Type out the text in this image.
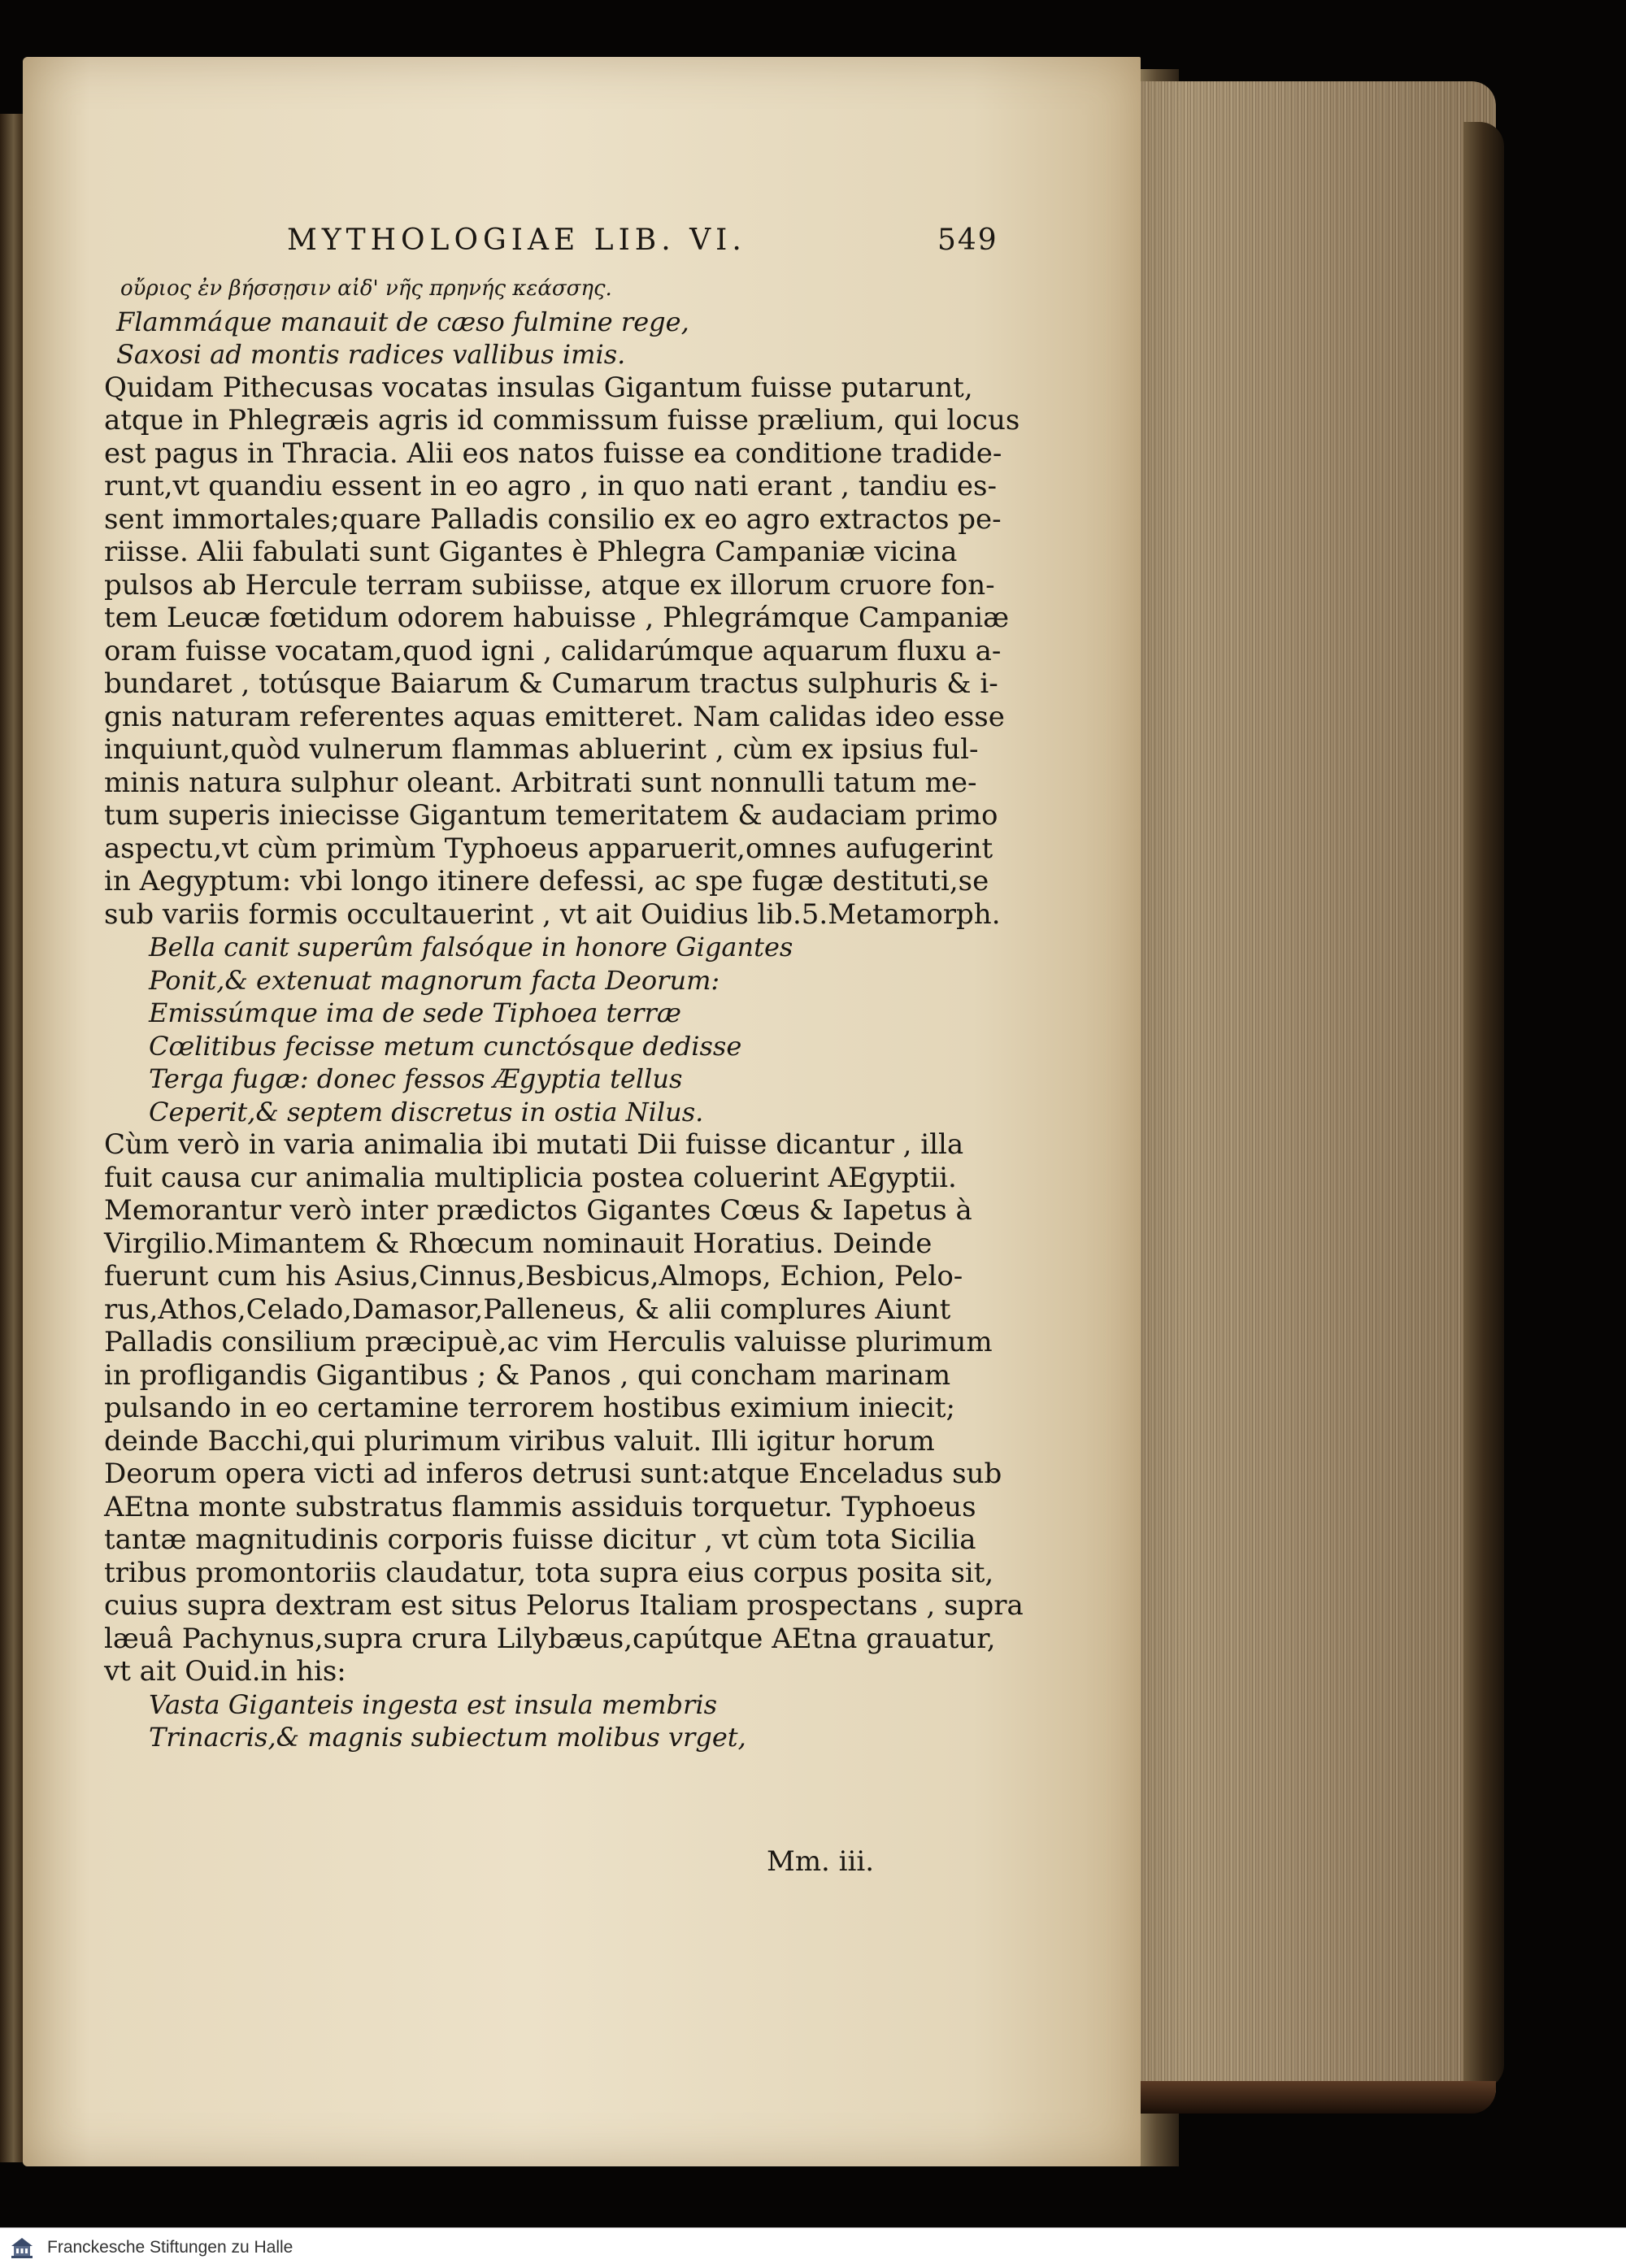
MYTHOLOGIAE LIB. VI.	549
οὔριος ἐν βήσσῃσιν αἰδ' νῆς πρηνής κεάσσης.
Flammáque manauit de cæso fulmine rege,
Saxosi ad montis radices vallibus imis.
Quidam Pithecusas vocatas insulas Gigantum fuisse putarunt,
atque in Phlegræis agris id commissum fuisse prælium, qui locus
est pagus in Thracia. Alii eos natos fuisse ea conditione tradide-
runt,vt quandiu essent in eo agro , in quo nati erant , tandiu es-
sent immortales;quare Palladis consilio ex eo agro extractos pe-
riisse. Alii fabulati sunt Gigantes è Phlegra Campaniæ vicina
pulsos ab Hercule terram subiisse, atque ex illorum cruore fon-
tem Leucæ fœtidum odorem habuisse , Phlegrámque Campaniæ
oram fuisse vocatam,quod igni , calidarúmque aquarum fluxu a-
bundaret , totúsque Baiarum & Cumarum tractus sulphuris & i-
gnis naturam referentes aquas emitteret. Nam calidas ideo esse
inquiunt,quòd vulnerum flammas abluerint , cùm ex ipsius ful-
minis natura sulphur oleant. Arbitrati sunt nonnulli tatum me-
tum superis iniecisse Gigantum temeritatem & audaciam primo
aspectu,vt cùm primùm Typhoeus apparuerit,omnes aufugerint
in Aegyptum: vbi longo itinere defessi, ac spe fugæ destituti,se
sub variis formis occultauerint , vt ait Ouidius lib.5.Metamorph.
Bella canit superûm falsóque in honore Gigantes
Ponit,& extenuat magnorum facta Deorum:
Emissúmque ima de sede Tiphoea terræ
Cœlitibus fecisse metum cunctósque dedisse
Terga fugæ: donec fessos Ægyptia tellus
Ceperit,& septem discretus in ostia Nilus.
Cùm verò in varia animalia ibi mutati Dii fuisse dicantur , illa
fuit causa cur animalia multiplicia postea coluerint AEgyptii.
Memorantur verò inter prædictos Gigantes Cœus & Iapetus à
Virgilio.Mimantem & Rhœcum nominauit Horatius. Deinde
fuerunt cum his Asius,Cinnus,Besbicus,Almops, Echion, Pelo-
rus,Athos,Celado,Damasor,Palleneus, & alii complures Aiunt
Palladis consilium præcipuè,ac vim Herculis valuisse plurimum
in profligandis Gigantibus ; & Panos , qui concham marinam
pulsando in eo certamine terrorem hostibus eximium iniecit;
deinde Bacchi,qui plurimum viribus valuit. Illi igitur horum
Deorum opera victi ad inferos detrusi sunt:atque Enceladus sub
AEtna monte substratus flammis assiduis torquetur. Typhoeus
tantæ magnitudinis corporis fuisse dicitur , vt cùm tota Sicilia
tribus promontoriis claudatur, tota supra eius corpus posita sit,
cuius supra dextram est situs Pelorus Italiam prospectans , supra
læuâ Pachynus,supra crura Lilybæus,capútque AEtna grauatur,
vt ait Ouid.in his:
Vasta Giganteis ingesta est insula membris
Trinacris,& magnis subiectum molibus vrget,
Mm. iii.
Franckesche Stiftungen zu Halle
